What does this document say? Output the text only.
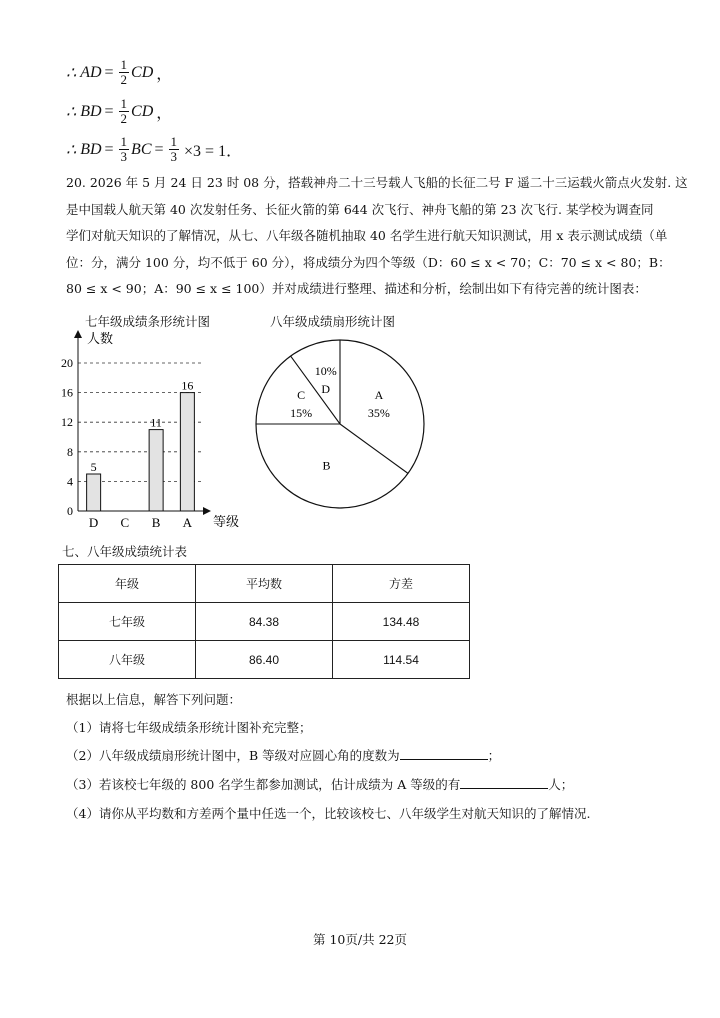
∴
AD = $\frac{1}{2}$ CD ，
∴
BD = $\frac{1}{2}$ CD ，
∴
BD = $\frac{1}{3}$ BC = $\frac{1}{3} \times 3 = 1$．

20. 2026 年 5 月 24 日 23 时 08 分，搭载神舟二十三号载人飞船的长征二号 F 遥二十三运载火箭点火发射. 这

是中国载人航天第 40 次发射任务、长征火箭的第 644 次飞行、神舟飞船的第 23 次飞行. 某学校为调查同

学们对航天知识的了解情况，从七、八年级各随机抽取 40 名学生进行航天知识测试，用 x 表示测试成绩（单

位：分，满分 100 分，均不低于 60 分），将成绩分为四个等级（D：60 ≤ x < 70；C：70 ≤ x < 80；B：

80 ≤ x < 90；A：90 ≤ x ≤ 100）并对成绩进行整理、描述和分析，绘制出如下有待完善的统计图表：

七年级成绩条形统计图	八年级成绩扇形统计图
0
4
8
12
16
20
人数
等级
5
11
16
D C B A
A
35%
B
C
15%
10%
D
七、八年级成绩统计表
年级	平均数	方差
七年级	84.38	134.48
八年级	86.40	114.54
根据以上信息，解答下列问题：
（1）请将七年级成绩条形统计图补充完整；
（2）八年级成绩扇形统计图中，B 等级对应圆心角的度数为	；
（3）若该校七年级的 800 名学生都参加测试，估计成绩为 A 等级的有	人；
（4）请你从平均数和方差两个量中任选一个，比较该校七、八年级学生对航天知识的了解情况.
第 10页/共 22页
